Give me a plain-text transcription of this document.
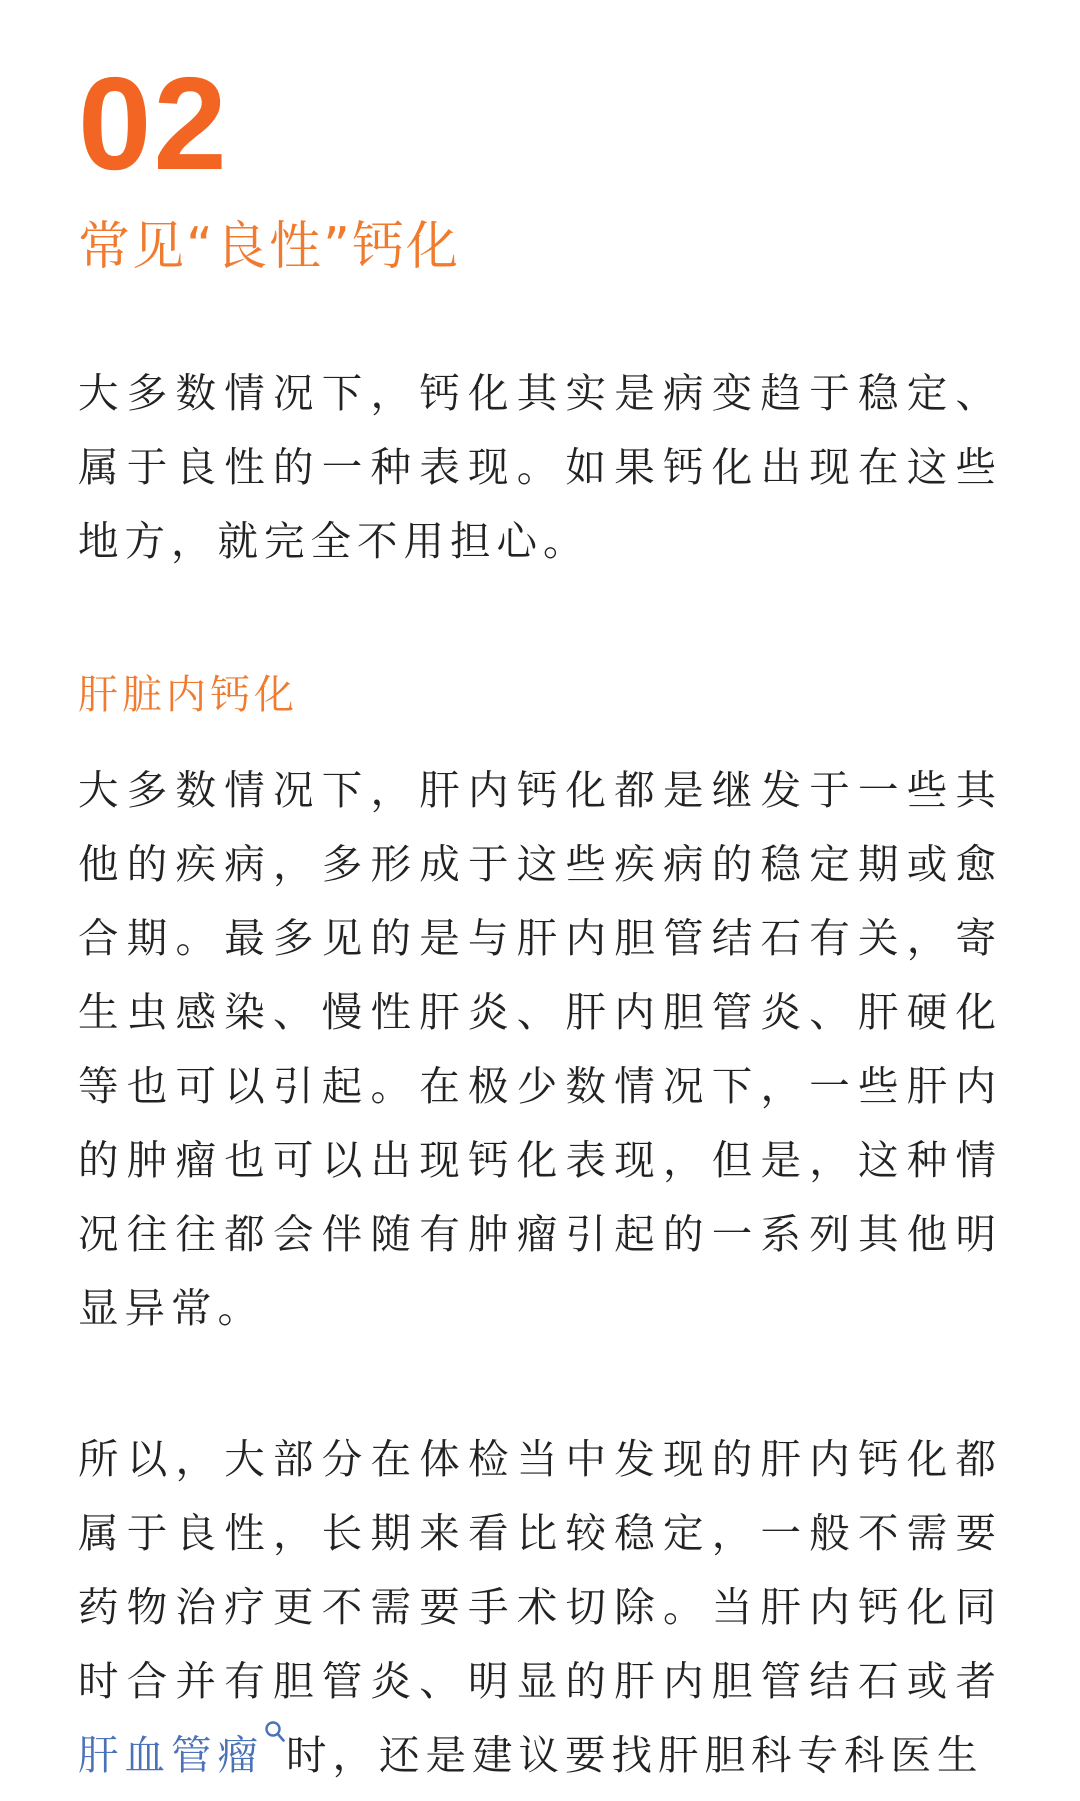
02
常见“良性”钙化

大多数情况下，钙化其实是病变趋于稳定、属于良性的一种表现。如果钙化出现在这些地方，就完全不用担心。

肝脏内钙化

大多数情况下，肝内钙化都是继发于一些其他的疾病，多形成于这些疾病的稳定期或愈合期。最多见的是与肝内胆管结石有关，寄生虫感染、慢性肝炎、肝内胆管炎、肝硬化等也可以引起。在极少数情况下，一些肝内的肿瘤也可以出现钙化表现，但是，这种情况往往都会伴随有肿瘤引起的一系列其他明显异常。

所以，大部分在体检当中发现的肝内钙化都属于良性，长期来看比较稳定，一般不需要药物治疗更不需要手术切除。当肝内钙化同时合并有胆管炎、明显的肝内胆管结石或者肝血管瘤 时，还是建议要找肝胆科专科医生
